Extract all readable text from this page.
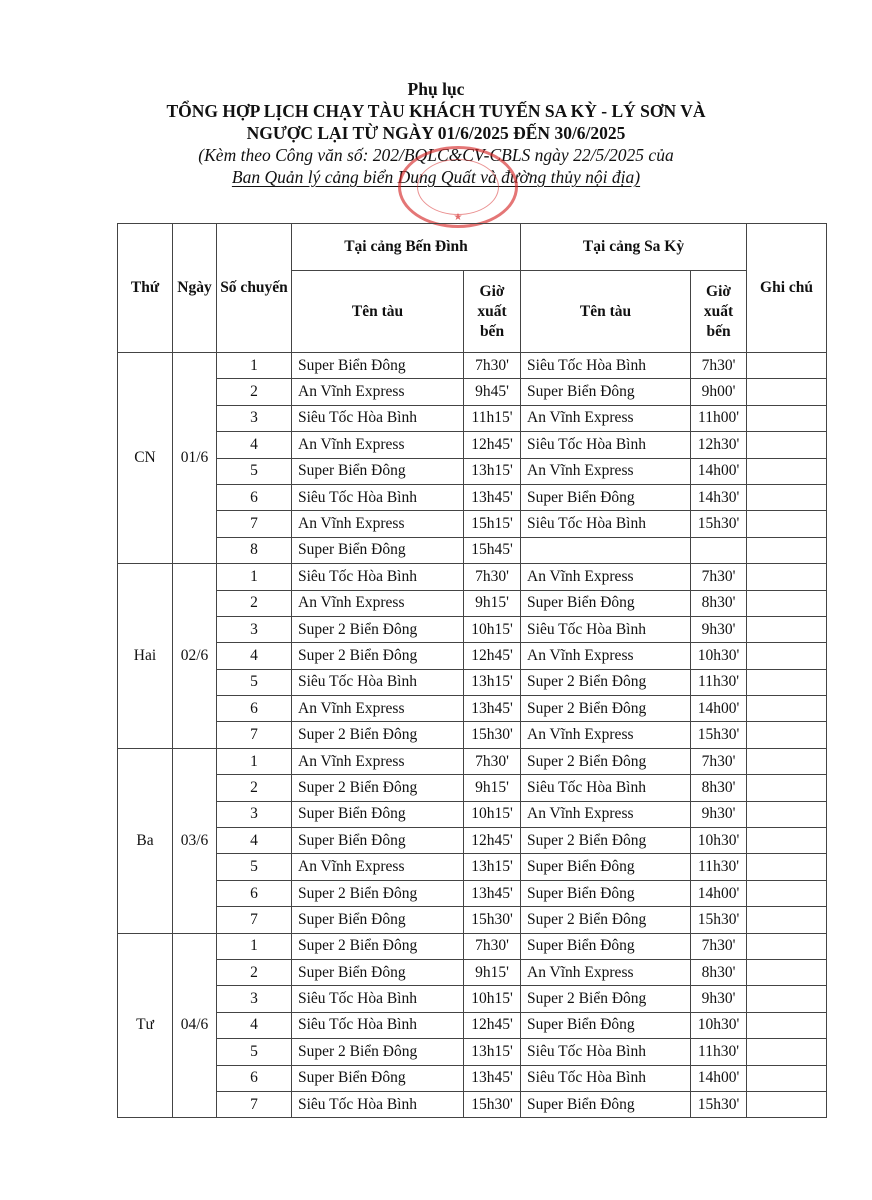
Phụ lục
TỔNG HỢP LỊCH CHẠY TÀU KHÁCH TUYẾN SA KỲ - LÝ SƠN VÀ
NGƯỢC LẠI TỪ NGÀY 01/6/2025 ĐẾN 30/6/2025
(Kèm theo Công văn số: 202/BQLC&CV-CBLS ngày 22/5/2025 của
Ban Quản lý cảng biển Dung Quất và đường thủy nội địa)
★
Thứ	Ngày	Số chuyến	Tại cảng Bến Đình		Tại cảng Sa Kỳ		Ghi chú
			Tên tàu	Giờ xuất bến	Tên tàu	Giờ xuất bến	
CN	01/6	1	Super Biển Đông	7h30'	Siêu Tốc Hòa Bình	7h30'	
		2	An Vĩnh Express	9h45'	Super Biển Đông	9h00'	
		3	Siêu Tốc Hòa Bình	11h15'	An Vĩnh Express	11h00'	
		4	An Vĩnh Express	12h45'	Siêu Tốc Hòa Bình	12h30'	
		5	Super Biển Đông	13h15'	An Vĩnh Express	14h00'	
		6	Siêu Tốc Hòa Bình	13h45'	Super Biển Đông	14h30'	
		7	An Vĩnh Express	15h15'	Siêu Tốc Hòa Bình	15h30'	
		8	Super Biển Đông	15h45'			
Hai	02/6	1	Siêu Tốc Hòa Bình	7h30'	An Vĩnh Express	7h30'	
		2	An Vĩnh Express	9h15'	Super Biển Đông	8h30'	
		3	Super 2 Biển Đông	10h15'	Siêu Tốc Hòa Bình	9h30'	
		4	Super 2 Biển Đông	12h45'	An Vĩnh Express	10h30'	
		5	Siêu Tốc Hòa Bình	13h15'	Super 2 Biển Đông	11h30'	
		6	An Vĩnh Express	13h45'	Super 2 Biển Đông	14h00'	
		7	Super 2 Biển Đông	15h30'	An Vĩnh Express	15h30'	
Ba	03/6	1	An Vĩnh Express	7h30'	Super 2 Biển Đông	7h30'	
		2	Super 2 Biển Đông	9h15'	Siêu Tốc Hòa Bình	8h30'	
		3	Super Biển Đông	10h15'	An Vĩnh Express	9h30'	
		4	Super Biển Đông	12h45'	Super 2 Biển Đông	10h30'	
		5	An Vĩnh Express	13h15'	Super Biển Đông	11h30'	
		6	Super 2 Biển Đông	13h45'	Super Biển Đông	14h00'	
		7	Super Biển Đông	15h30'	Super 2 Biển Đông	15h30'	
Tư	04/6	1	Super 2 Biển Đông	7h30'	Super Biển Đông	7h30'	
		2	Super Biển Đông	9h15'	An Vĩnh Express	8h30'	
		3	Siêu Tốc Hòa Bình	10h15'	Super 2 Biển Đông	9h30'	
		4	Siêu Tốc Hòa Bình	12h45'	Super Biển Đông	10h30'	
		5	Super 2 Biển Đông	13h15'	Siêu Tốc Hòa Bình	11h30'	
		6	Super Biển Đông	13h45'	Siêu Tốc Hòa Bình	14h00'	
		7	Siêu Tốc Hòa Bình	15h30'	Super Biển Đông	15h30'	
